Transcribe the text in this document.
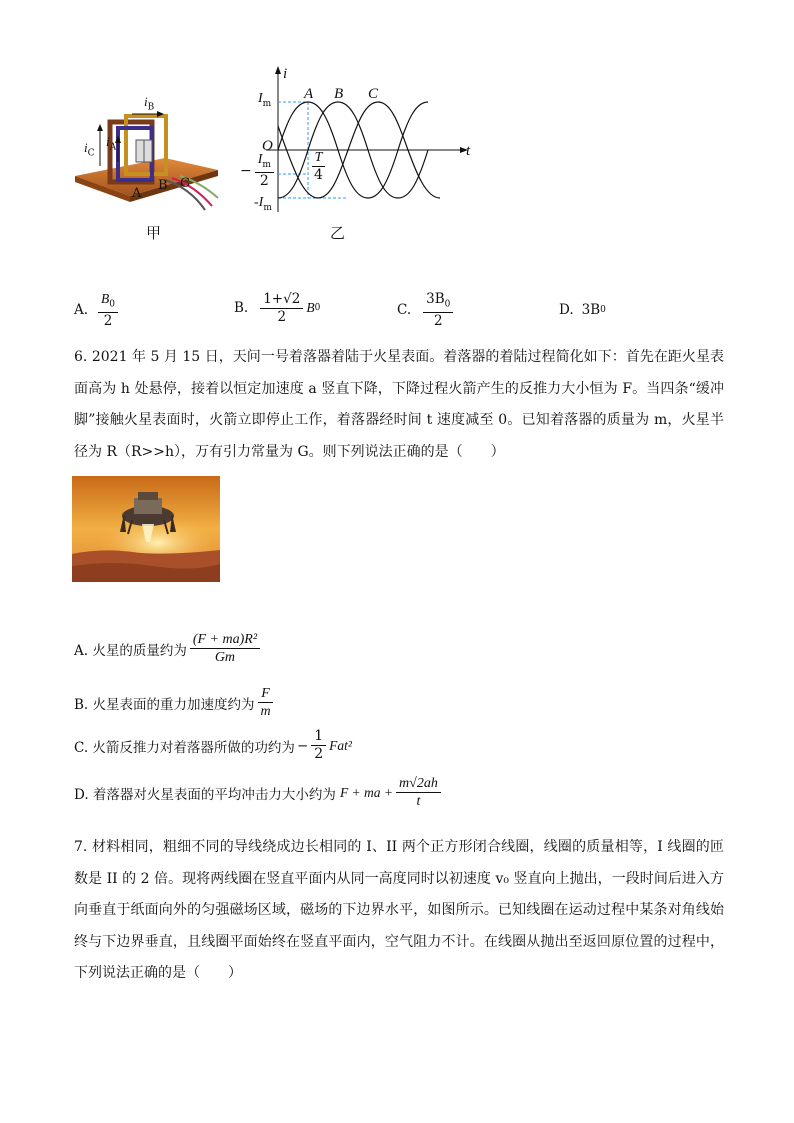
$i_B$
$i_C$
$i_A$
A
B C
甲
i
t
O
$I_m$
$-I_m$
− $\frac{I_m}{2}$	$\frac{T}{4}$
A B C
乙
A. $\frac{B_0}{2}$	B. $\frac{1+√2}{2}$ B 0	C. $\frac{3B_0}{2}$	D. 3B 0
6. 2021 年 5 月 15 日，天问一号着落器着陆于火星表面。着落器的着陆过程简化如下：首先在距火星表面高为 h 处悬停，接着以恒定加速度 a 竖直下降，下降过程火箭产生的反推力大小恒为 F。当四条“缓冲脚”接触火星表面时，火箭立即停止工作，着落器经时间 t 速度减至 0。已知着落器的质量为 m，火星半径为 R（R>>h），万有引力常量为 G。则下列说法正确的是（　　）
A. 火星的质量约为 $\frac{\text{(F + ma)R²}}{Gm}$
B. 火星表面的重力加速度约为 $\frac{F}{m}$
C. 火箭反推力对着落器所做的功约为 − $\frac{1}{2} Fat^2$
D. 着落器对火星表面的平均冲击力大小约为 F + ma + $\frac{m√2ah}{t}$
7. 材料相同，粗细不同的导线绕成边长相同的 I、II 两个正方形闭合线圈，线圈的质量相等，I 线圈的匝数是 II 的 2 倍。现将两线圈在竖直平面内从同一高度同时以初速度 v₀ 竖直向上抛出，一段时间后进入方向垂直于纸面向外的匀强磁场区域，磁场的下边界水平，如图所示。已知线圈在运动过程中某条对角线始终与下边界垂直，且线圈平面始终在竖直平面内，空气阻力不计。在线圈从抛出至返回原位置的过程中，下列说法正确的是（　　）
